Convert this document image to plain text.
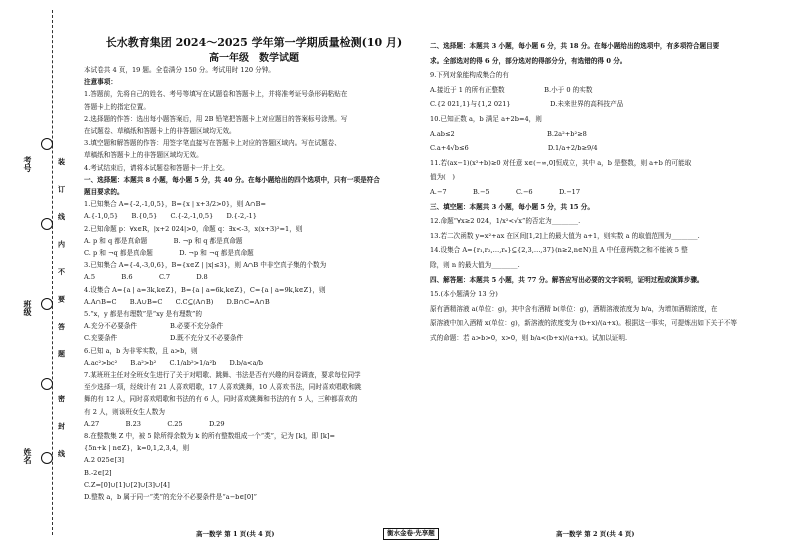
装 订 线 内 不 要 答 题
密 封 线
考号
班级
姓名
长水教育集团 2024～2025 学年第一学期质量检测(10 月)
高一年级　数学试题
本试卷共 4 页，19 题。全卷满分 150 分。考试用时 120 分钟。
注意事项：
1.答题前，先将自己的姓名、考号等填写在试题卷和答题卡上，并将准考证号条形码粘贴在
答题卡上的指定位置。
2.选择题的作答：选出每小题答案后，用 2B 铅笔把答题卡上对应题目的答案标号涂黑。写
在试题卷、草稿纸和答题卡上的非答题区域均无效。
3.填空题和解答题的作答：用签字笔直接写在答题卡上对应的答题区域内。写在试题卷、
草稿纸和答题卡上的非答题区域均无效。
4.考试结束后，请将本试题卷和答题卡一并上交。
一、选择题：本题共 8 小题，每小题 5 分，共 40 分。在每小题给出的四个选项中，只有一项是符合
题目要求的。
1.已知集合 A={-2,-1,0,5}，B={x | x+3/2>0}，则 A∩B=
A.{-1,0,5}　　B.{0,5}　　C.{-2,-1,0,5}　　D.{-2,-1}
2.已知命题 p：∀x∈R，|x+2 024|>0，命题 q：∃x<-3，x(x+3)²=1，则
A. p 和 q 都是真命题　　　　B. ¬p 和 q 都是真命题
C. p 和 ¬q 都是真命题　　　　D. ¬p 和 ¬q 都是真命题
3.已知集合 A={-4,-3,0,6}，B={x∈Z | |x|≤3}，则 A∩B 中非空真子集的个数为
A.5　　　　B.6　　　　C.7　　　　D.8
4.设集合 A={a | a=3k,k∈Z}，B={a | a=6k,k∈Z}，C={a | a=9k,k∈Z}，则
A.A∩B=C　　B.A∪B=C　　C.C⊆(A∩B)　　D.B∩C=A∩B
5.“x，y 都是有理数”是“xy 是有理数”的
A.充分不必要条件　　　　　B.必要不充分条件
C.充要条件　　　　　　　　D.既不充分又不必要条件
6.已知 a，b 为非零实数，且 a>b，则
A.ac²>bc²　　B.a²>b²　　C.1/ab²>1/a²b　　D.b/a<a/b
7.某班班主任对全班女生进行了关于对唱歌、跳舞、书法是否有兴趣的问卷调查，要求每位同学
至少选择一项，经统计有 21 人喜欢唱歌，17 人喜欢跳舞，10 人喜欢书法，同时喜欢唱歌和跳
舞的有 12 人，同时喜欢唱歌和书法的有 6 人，同时喜欢跳舞和书法的有 5 人，三种都喜欢的
有 2 人，则该班女生人数为
A.27　　　　B.23　　　　C.25　　　　D.29
8.在整数集 Z 中，被 5 除所得余数为 k 的所有整数组成一个“类”，记为 [k]，即 [k]=
{5n+k | n∈Z}，k=0,1,2,3,4，则
A.2 025∈[3]
B.-2∈[2]
C.Z=[0]∪[1]∪[2]∪[3]∪[4]
D.整数 a，b 属于同一“类”的充分不必要条件是“a−b∈[0]”
二、选择题：本题共 3 小题，每小题 6 分，共 18 分。在每小题给出的选项中，有多项符合题目要
求。全部选对的得 6 分，部分选对的得部分分，有选错的得 0 分。
9.下列对象能构成集合的有
A.接近于 1 的所有正整数　　　　　　B.小于 0 的实数
C.{2 021,1}与{1,2 021}　　　　　　D.未来世界的高科技产品
10.已知正数 a，b 满足 a+2b=4，则
A.ab≤2　　　　　　　　　　　　　　B.2a²+b²≥8
C.a+4√b≤6　　　　　　　　　　　　D.1/a+2/b≥9/4
11.若(ax−1)(x²+b)≥0 对任意 x∈(−∞,0]恒成立，其中 a，b 是整数，则 a+b 的可能取
值为(　)
A.−7　　　　B.−5　　　　C.−6　　　　D.−17
三、填空题：本题共 3 小题，每小题 5 分，共 15 分。
12.命题“∀x≥2 024，1/x²<√x”的否定为________.
13.若二次函数 y=x²+ax 在区间[1,2]上的最大值为 a+1，则实数 a 的取值范围为________.
14.设集合 A={r₁,r₂,…,rₙ}⊆{2,3,…,37}(n≥2,n∈N)且 A 中任意两数之和不能被 5 整
除，则 n 的最大值为________.
四、解答题：本题共 5 小题，共 77 分。解答应写出必要的文字说明，证明过程或演算步骤。
15.(本小题满分 13 分)
原有酒精溶液 a(单位：g)，其中含有酒精 b(单位：g)，酒精溶液浓度为 b/a，为增加酒精浓度，在
原溶液中加入酒精 x(单位：g)，新溶液的浓度变为 (b+x)/(a+x)。根据这一事实，可提炼出如下关于不等
式的命题：若 a>b>0，x>0，则 b/a<(b+x)/(a+x)。试加以证明.
高一数学 第 1 页(共 4 页)	衡水金卷·先享题	高一数学 第 2 页(共 4 页)
